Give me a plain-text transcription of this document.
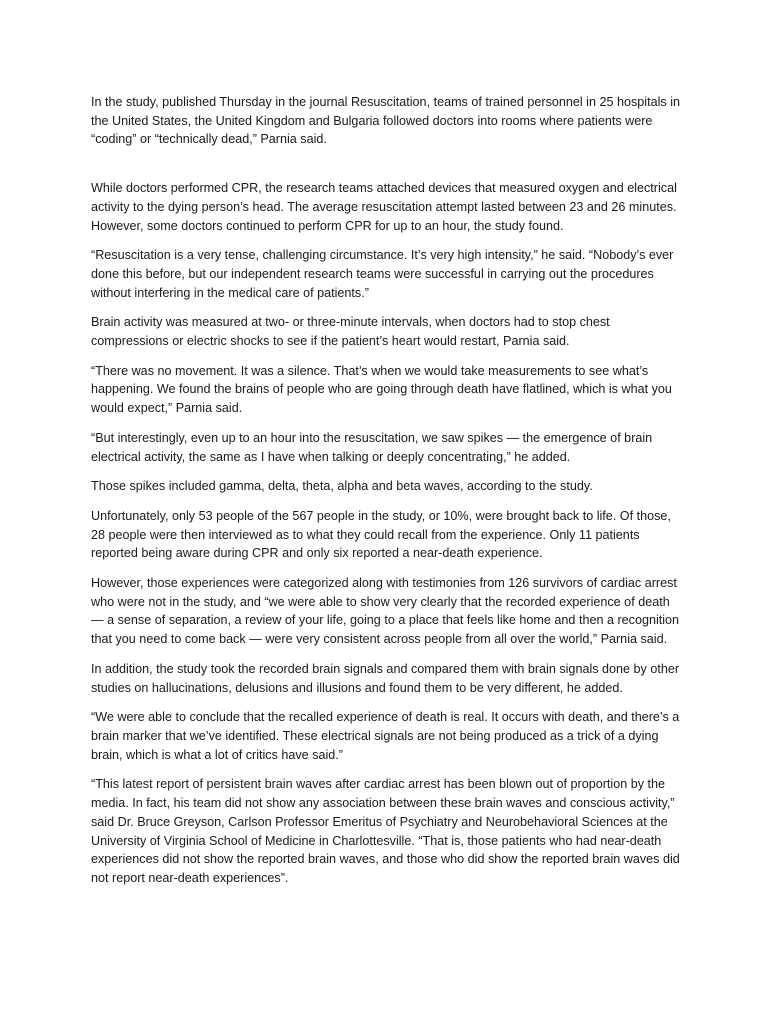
In the study, published Thursday in the journal Resuscitation, teams of trained personnel in 25 hospitals in the United States, the United Kingdom and Bulgaria followed doctors into rooms where patients were “coding” or “technically dead,” Parnia said.

While doctors performed CPR, the research teams attached devices that measured oxygen and electrical activity to the dying person’s head. The average resuscitation attempt lasted between 23 and 26 minutes. However, some doctors continued to perform CPR for up to an hour, the study found.

“Resuscitation is a very tense, challenging circumstance. It’s very high intensity,” he said. “Nobody’s ever done this before, but our independent research teams were successful in carrying out the procedures without interfering in the medical care of patients.”

Brain activity was measured at two- or three-minute intervals, when doctors had to stop chest compressions or electric shocks to see if the patient’s heart would restart, Parnia said.

“There was no movement. It was a silence. That’s when we would take measurements to see what’s happening. We found the brains of people who are going through death have flatlined, which is what you would expect,” Parnia said.

“But interestingly, even up to an hour into the resuscitation, we saw spikes — the emergence of brain electrical activity, the same as I have when talking or deeply concentrating,” he added.

Those spikes included gamma, delta, theta, alpha and beta waves, according to the study.

Unfortunately, only 53 people of the 567 people in the study, or 10%, were brought back to life. Of those, 28 people were then interviewed as to what they could recall from the experience. Only 11 patients reported being aware during CPR and only six reported a near-death experience.

However, those experiences were categorized along with testimonies from 126 survivors of cardiac arrest who were not in the study, and “we were able to show very clearly that the recorded experience of death — a sense of separation, a review of your life, going to a place that feels like home and then a recognition that you need to come back — were very consistent across people from all over the world,” Parnia said.

In addition, the study took the recorded brain signals and compared them with brain signals done by other studies on hallucinations, delusions and illusions and found them to be very different, he added.

“We were able to conclude that the recalled experience of death is real. It occurs with death, and there’s a brain marker that we’ve identified. These electrical signals are not being produced as a trick of a dying brain, which is what a lot of critics have said.”

“This latest report of persistent brain waves after cardiac arrest has been blown out of proportion by the media. In fact, his team did not show any association between these brain waves and conscious activity,” said Dr. Bruce Greyson, Carlson Professor Emeritus of Psychiatry and Neurobehavioral Sciences at the University of Virginia School of Medicine in Charlottesville. “That is, those patients who had near-death experiences did not show the reported brain waves, and those who did show the reported brain waves did not report near-death experiences”.
